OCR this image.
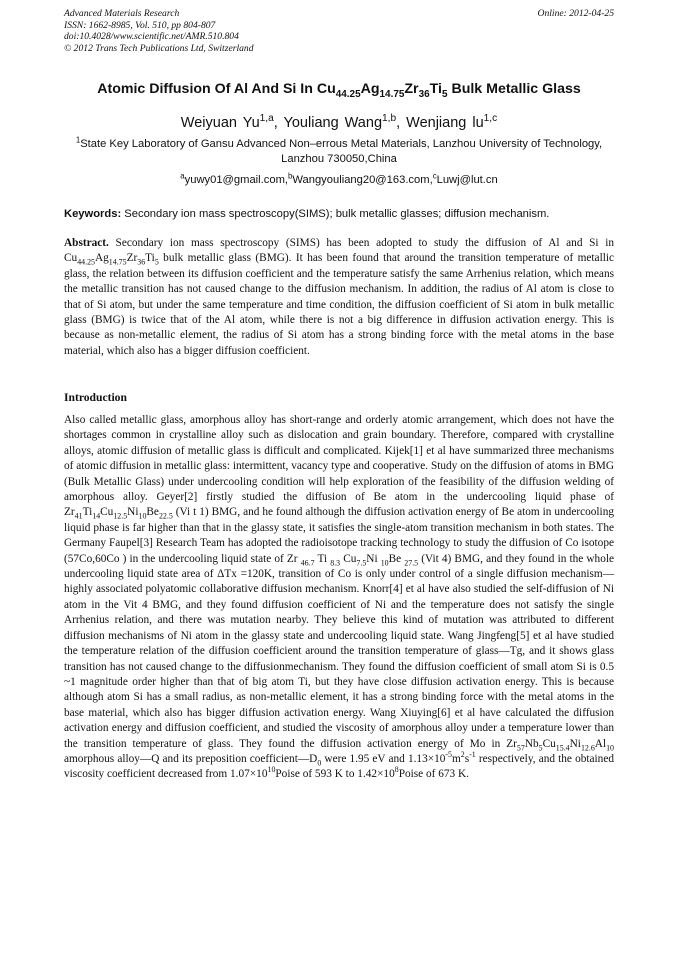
Advanced Materials Research
ISSN: 1662-8985, Vol. 510, pp 804-807
doi:10.4028/www.scientific.net/AMR.510.804
© 2012 Trans Tech Publications Ltd, Switzerland
Online: 2012-04-25
Atomic Diffusion Of Al And Si In $Cu_{44.25}Ag_{14.75}Zr_{36}Ti_5$ Bulk Metallic Glass
Weiyuan Yu$^{1,a}$, Youliang Wang$^{1,b}$, Wenjiang lu$^{1,c}$
$^1$State Key Laboratory of Gansu Advanced Non–errous Metal Materials, Lanzhou University of Technology, Lanzhou 730050,China
$^a$yuwy01@gmail.com,$^b$Wangyouliang20@163.com,$^c$Luwj@lut.cn
Keywords: Secondary ion mass spectroscopy(SIMS); bulk metallic glasses; diffusion mechanism.
Abstract. Secondary ion mass spectroscopy (SIMS) has been adopted to study the diffusion of Al and Si in $Cu_{44.25}Ag_{14.75}Zr_{36}Ti_5$ bulk metallic glass (BMG). It has been found that around the transition temperature of metallic glass, the relation between its diffusion coefficient and the temperature satisfy the same Arrhenius relation, which means the metallic transition has not caused change to the diffusion mechanism. In addition, the radius of Al atom is close to that of Si atom, but under the same temperature and time condition, the diffusion coefficient of Si atom in bulk metallic glass (BMG) is twice that of the Al atom, while there is not a big difference in diffusion activation energy. This is because as non-metallic element, the radius of Si atom has a strong binding force with the metal atoms in the base material, which also has a bigger diffusion coefficient.
Introduction
Also called metallic glass, amorphous alloy has short-range and orderly atomic arrangement, which does not have the shortages common in crystalline alloy such as dislocation and grain boundary. Therefore, compared with crystalline alloys, atomic diffusion of metallic glass is difficult and complicated. Kijek[1] et al have summarized three mechanisms of atomic diffusion in metallic glass: intermittent, vacancy type and cooperative. Study on the diffusion of atoms in BMG (Bulk Metallic Glass) under undercooling condition will help exploration of the feasibility of the diffusion welding of amorphous alloy. Geyer[2] firstly studied the diffusion of Be atom in the undercooling liquid phase of $Zr_{41}Ti_{14}Cu_{12.5}Ni_{10}Be_{22.5}$ (Vi t 1) BMG, and he found although the diffusion activation energy of Be atom in undercooling liquid phase is far higher than that in the glassy state, it satisfies the single-atom transition mechanism in both states. The Germany Faupel[3] Research Team has adopted the radioisotope tracking technology to study the diffusion of Co isotope (57Co,60Co ) in the undercooling liquid state of Zr $_{46.7}$ Ti $_{8.3}$ $Cu_{7.5}Ni$ $_{10}$Be $_{27.5}$ (Vit 4) BMG, and they found in the whole undercooling liquid state area of ΔTx =120K, transition of Co is only under control of a single diffusion mechanism—highly associated polyatomic collaborative diffusion mechanism. Knorr[4] et al have also studied the self-diffusion of Ni atom in the Vit 4 BMG, and they found diffusion coefficient of Ni and the temperature does not satisfy the single Arrhenius relation, and there was mutation nearby. They believe this kind of mutation was attributed to different diffusion mechanisms of Ni atom in the glassy state and undercooling liquid state. Wang Jingfeng[5] et al have studied the temperature relation of the diffusion coefficient around the transition temperature of glass—Tg, and it shows glass transition has not caused change to the diffusionmechanism. They found the diffusion coefficient of small atom Si is 0.5 ~1 magnitude order higher than that of big atom Ti, but they have close diffusion activation energy. This is because although atom Si has a small radius, as non-metallic element, it has a strong binding force with the metal atoms in the base material, which also has bigger diffusion activation energy. Wang Xiuying[6] et al have calculated the diffusion activation energy and diffusion coefficient, and studied the viscosity of amorphous alloy under a temperature lower than the transition temperature of glass. They found the diffusion activation energy of Mo in $Zr_{57}Nb_5Cu_{15.4}Ni_{12.6}Al_{10}$ amorphous alloy—Q and its preposition $coefficient—D_0$ were 1.95 eV and $1.13\times 10^{-5}m^2s^{-1}$ respectively, and the obtained viscosity coefficient decreased from $1.07\times 10^{10}Poise$ of 593 K to $1.42\times 10^8Poise$ of 673 K.
